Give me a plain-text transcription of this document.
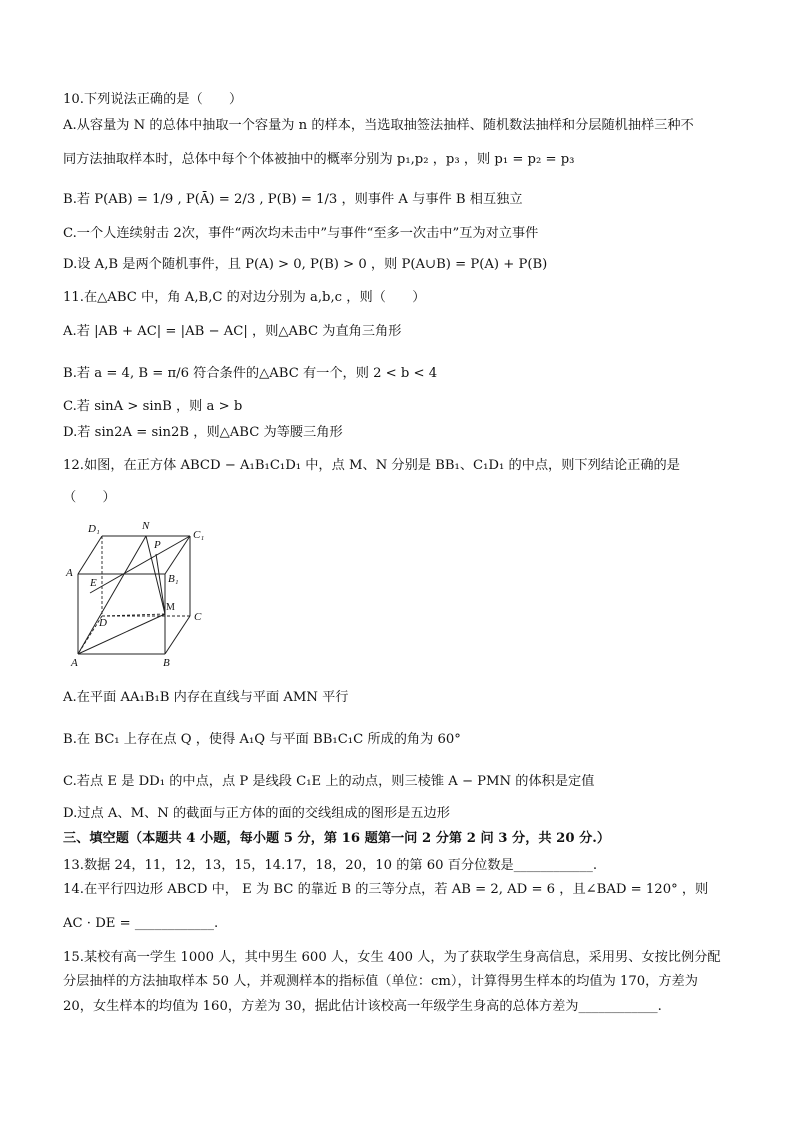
10.下列说法正确的是（　　）
A.从容量为 N 的总体中抽取一个容量为 n 的样本，当选取抽签法抽样、随机数法抽样和分层随机抽样三种不
同方法抽取样本时，总体中每个个体被抽中的概率分别为 p₁,p₂ ，p₃ ，则 p₁ = p₂ = p₃
B.若 P(AB) = 1/9 , P(Ā) = 2/3 , P(B) = 1/3 ，则事件 A 与事件 B 相互独立
C.一个人连续射击 2次，事件“两次均未击中”与事件“至多一次击中”互为对立事件
D.设 A,B 是两个随机事件，且 P(A) > 0, P(B) > 0 ，则 P(A∪B) = P(A) + P(B)
11.在△ABC 中，角 A,B,C 的对边分别为 a,b,c ，则（　　）
A.若 |AB + AC| = |AB − AC| ，则△ABC 为直角三角形
B.若 a = 4, B = π/6 符合条件的△ABC 有一个，则 2 < b < 4
C.若 sinA > sinB ，则 a > b
D.若 sin2A = sin2B ，则△ABC 为等腰三角形
12.如图，在正方体 ABCD − A₁B₁C₁D₁ 中，点 M、N 分别是 BB₁、C₁D₁ 的中点，则下列结论正确的是
（　　）
D₁	N
C₁
P
A
E	B₁
M
D	C
A	B
A.在平面 AA₁B₁B 内存在直线与平面 AMN 平行
B.在 BC₁ 上存在点 Q ，使得 A₁Q 与平面 BB₁C₁C 所成的角为 60°
C.若点 E 是 DD₁ 的中点，点 P 是线段 C₁E 上的动点，则三棱锥 A − PMN 的体积是定值
D.过点 A、M、N 的截面与正方体的面的交线组成的图形是五边形
三、填空题（本题共 4 小题，每小题 5 分，第 16 题第一问 2 分第 2 问 3 分，共 20 分.）
13.数据 24，11，12，13，15，14.17，18，20，10 的第 60 百分位数是____________.
14.在平行四边形 ABCD 中， E 为 BC 的靠近 B 的三等分点，若 AB = 2, AD = 6 ，且∠BAD = 120° ，则
AC · DE = ____________.
15.某校有高一学生 1000 人，其中男生 600 人，女生 400 人，为了获取学生身高信息，采用男、女按比例分配
分层抽样的方法抽取样本 50 人，并观测样本的指标值（单位：cm），计算得男生样本的均值为 170，方差为
20，女生样本的均值为 160，方差为 30，据此估计该校高一年级学生身高的总体方差为____________.
